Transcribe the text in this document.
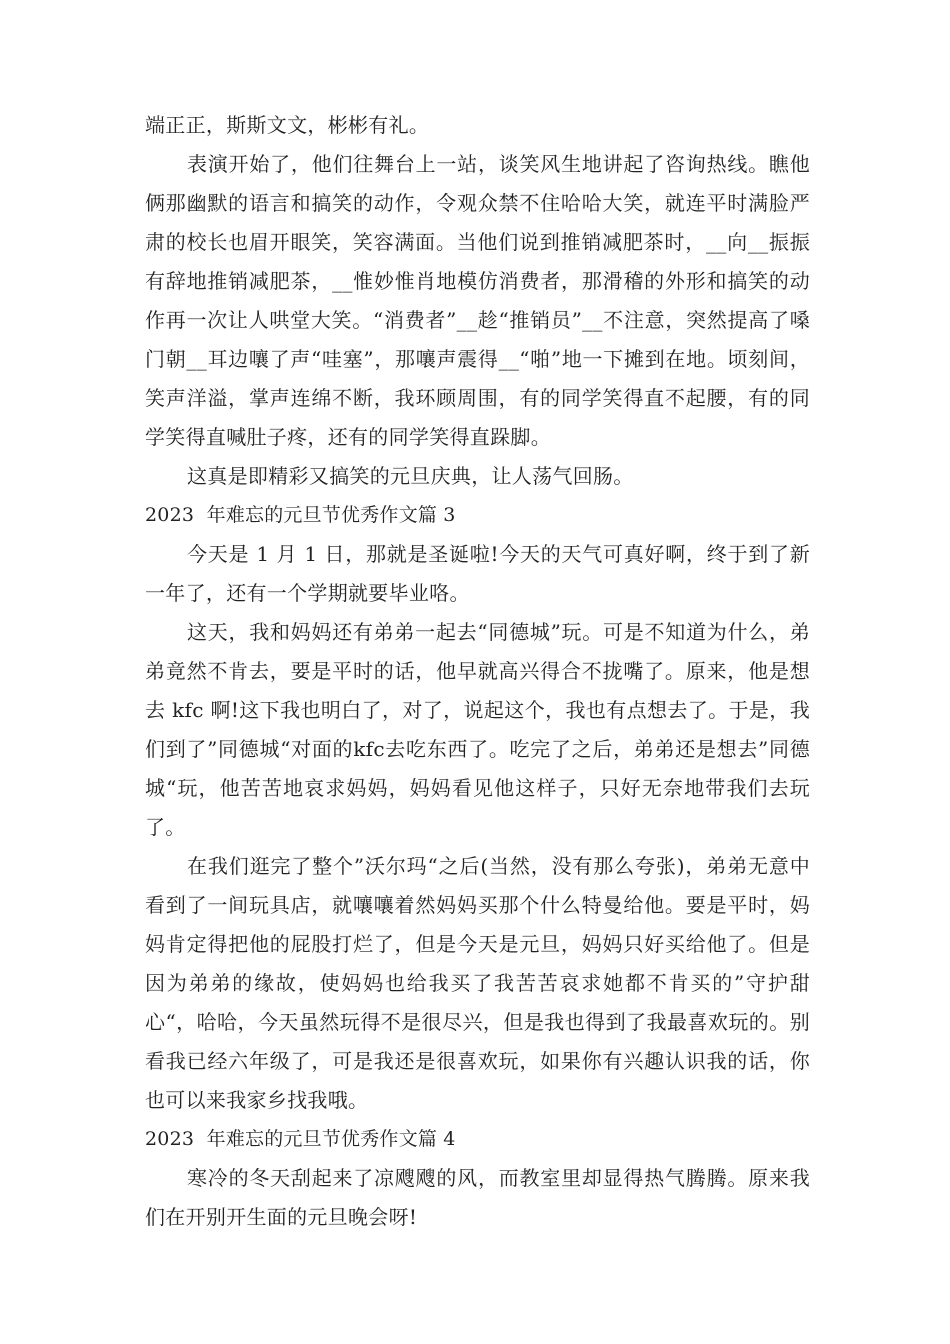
端正正，斯斯文文，彬彬有礼。

表演开始了，他们往舞台上一站，谈笑风生地讲起了咨询热线。瞧他俩那幽默的语言和搞笑的动作，令观众禁不住哈哈大笑，就连平时满脸严肃的校长也眉开眼笑，笑容满面。当他们说到推销减肥茶时，__向__振振有辞地推销减肥茶，__惟妙惟肖地模仿消费者，那滑稽的外形和搞笑的动作再一次让人哄堂大笑。“消费者”__趁“推销员”__不注意，突然提高了嗓门朝__耳边嚷了声“哇塞”，那嚷声震得__“啪”地一下摊到在地。顷刻间，笑声洋溢，掌声连绵不断，我环顾周围，有的同学笑得直不起腰，有的同学笑得直喊肚子疼，还有的同学笑得直跺脚。

这真是即精彩又搞笑的元旦庆典，让人荡气回肠。

2023  年难忘的元旦节优秀作文篇 3

今天是 1 月 1 日，那就是圣诞啦!今天的天气可真好啊，终于到了新一年了，还有一个学期就要毕业咯。

这天，我和妈妈还有弟弟一起去“同德城”玩。可是不知道为什么，弟弟竟然不肯去，要是平时的话，他早就高兴得合不拢嘴了。原来，他是想去 kfc 啊!这下我也明白了，对了，说起这个，我也有点想去了。于是，我们到了”同德城“对面的kfc去吃东西了。吃完了之后，弟弟还是想去”同德城“玩，他苦苦地哀求妈妈，妈妈看见他这样子，只好无奈地带我们去玩了。

在我们逛完了整个”沃尔玛“之后(当然，没有那么夸张)，弟弟无意中看到了一间玩具店，就嚷嚷着然妈妈买那个什么特曼给他。要是平时，妈妈肯定得把他的屁股打烂了，但是今天是元旦，妈妈只好买给他了。但是因为弟弟的缘故，使妈妈也给我买了我苦苦哀求她都不肯买的”守护甜心“，哈哈，今天虽然玩得不是很尽兴，但是我也得到了我最喜欢玩的。别看我已经六年级了，可是我还是很喜欢玩，如果你有兴趣认识我的话，你也可以来我家乡找我哦。

2023  年难忘的元旦节优秀作文篇 4

寒冷的冬天刮起来了凉飕飕的风，而教室里却显得热气腾腾。原来我们在开别开生面的元旦晚会呀!
